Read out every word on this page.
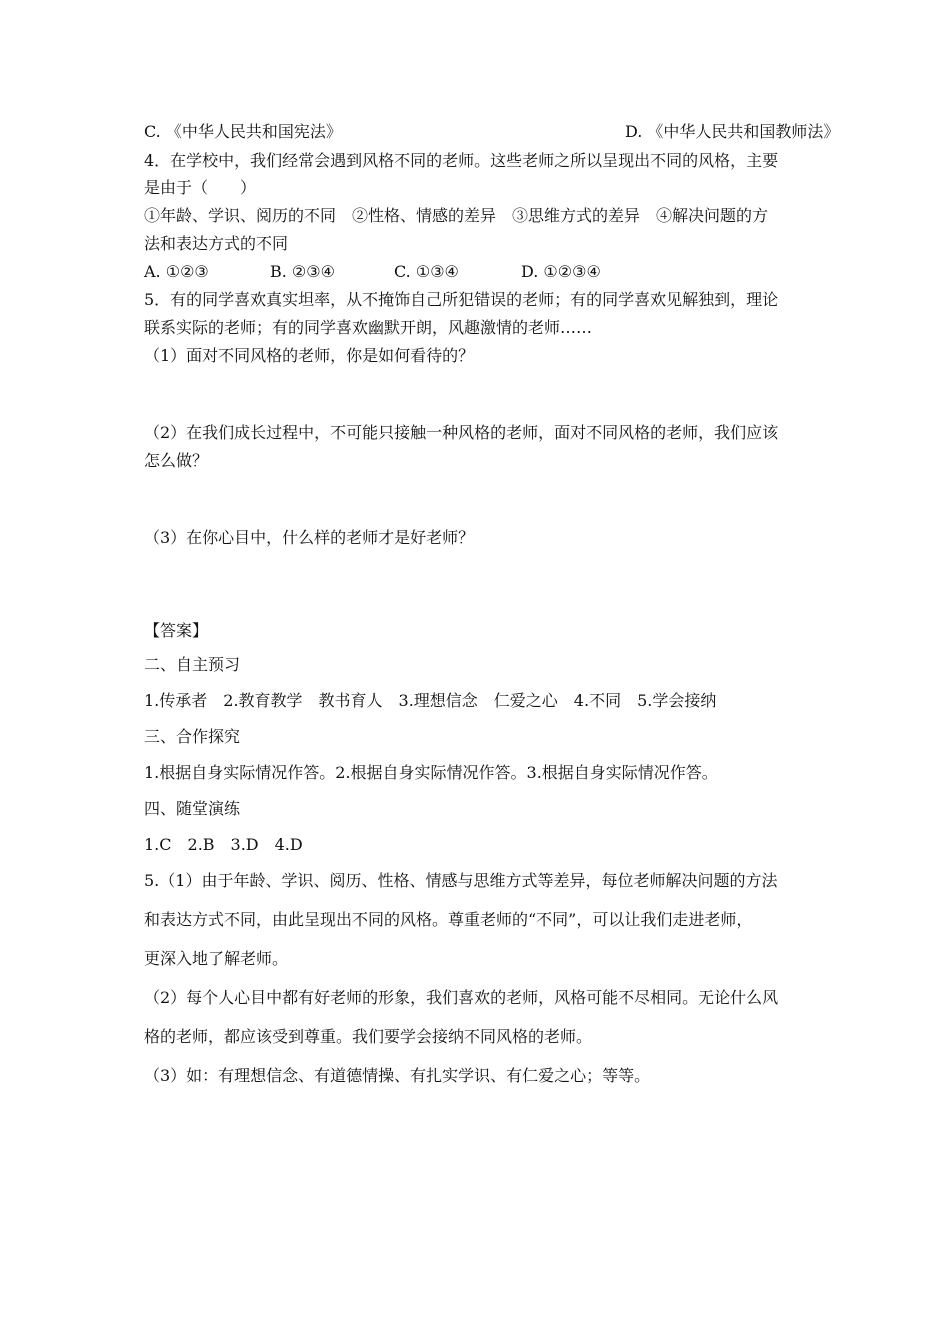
C. 《中华人民共和国宪法》	D. 《中华人民共和国教师法》
4．在学校中，我们经常会遇到风格不同的老师。这些老师之所以呈现出不同的风格，主要
是由于（　　）
①年龄、学识、阅历的不同　②性格、情感的差异　③思维方式的差异　④解决问题的方
法和表达方式的不同
A. ①②③	B. ②③④	C. ①③④	D. ①②③④
5．有的同学喜欢真实坦率，从不掩饰自己所犯错误的老师；有的同学喜欢见解独到，理论
联系实际的老师；有的同学喜欢幽默开朗，风趣激情的老师……
（1）面对不同风格的老师，你是如何看待的？
（2）在我们成长过程中，不可能只接触一种风格的老师，面对不同风格的老师，我们应该
怎么做？
（3）在你心目中，什么样的老师才是好老师？
【答案】
二、自主预习
1.传承者　2.教育教学　教书育人　3.理想信念　仁爱之心　4.不同　5.学会接纳
三、合作探究
1.根据自身实际情况作答。2.根据自身实际情况作答。3.根据自身实际情况作答。
四、随堂演练
1.C　2.B　3.D　4.D
5.（1）由于年龄、学识、阅历、性格、情感与思维方式等差异，每位老师解决问题的方法
和表达方式不同，由此呈现出不同的风格。尊重老师的“不同”，可以让我们走进老师，
更深入地了解老师。
（2）每个人心目中都有好老师的形象，我们喜欢的老师，风格可能不尽相同。无论什么风
格的老师，都应该受到尊重。我们要学会接纳不同风格的老师。
（3）如：有理想信念、有道德情操、有扎实学识、有仁爱之心；等等。
